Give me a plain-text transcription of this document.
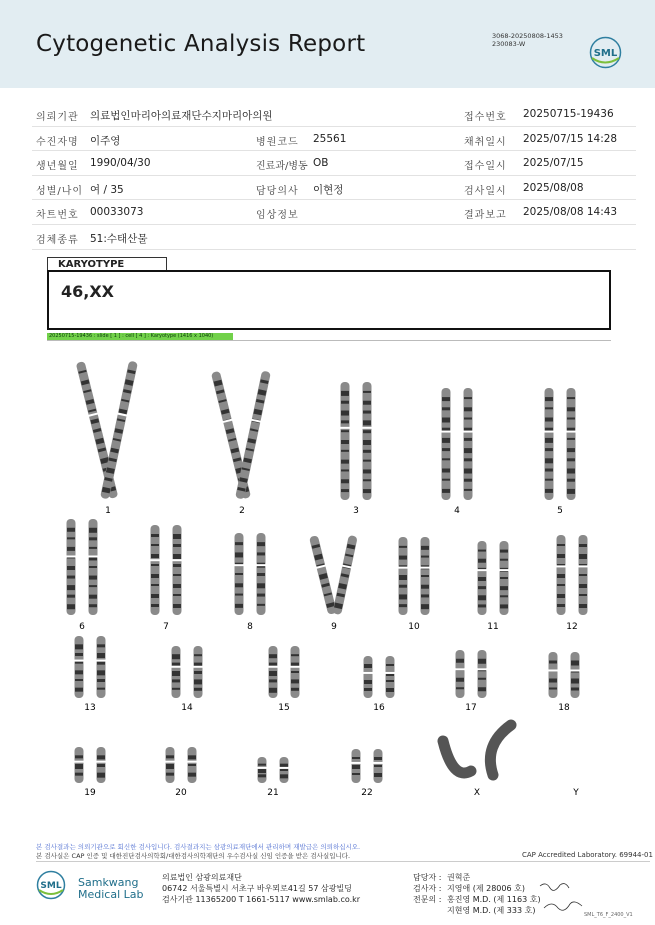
Cytogenetic Analysis Report	3068-20250808-1453
230083-W
SML
의뢰기관 의료법인마리아의료재단수지마리아의원	접수번호 20250715-19436
수진자명 이주영	병원코드 25561	채취일시 2025/07/15 14:28
생년월일 1990/04/30	진료과/병동 OB	접수일시 2025/07/15
성별/나이 여 / 35	담당의사 이현정	검사일시 2025/08/08
차트번호 00033073	임상정보	결과보고 2025/08/08 14:43
검체종류 51:수태산물
KARYOTYPE
46,XX
20250715-19436 : slide [ 1 ] : cell [ 4 ] : Karyotype (1416 x 1040)
1	2	3	4	5
6	7	8	9	10	11	12
13	14	15	16	17	18
19	20	21	22	X	Y
본 검사결과는 의뢰기관으로 회신한 검사입니다. 검사결과지는 삼광의료재단에서 관리하며 재발급은 의뢰하십시오.
본 검사실은 CAP 인증 및 대한진단검사의학회/대한검사의학재단의 우수검사실 신임 인증을 받은 검사실입니다.	CAP Accredited Laboratory. 69944-01
SML Samkwang
Medical Lab
의료법인 삼광의료재단
06742 서울특별시 서초구 바우뫼로41길 57 삼광빌딩
검사기관 11365200 T 1661-5117 www.smlab.co.kr
담당자 : 권혁준
검사자 : 지영애 (제 28006 호)
전문의 : 홍진영 M.D. (제 1163 호)
지현영 M.D. (제 333 호)	SML_T6_F_2400_V1
